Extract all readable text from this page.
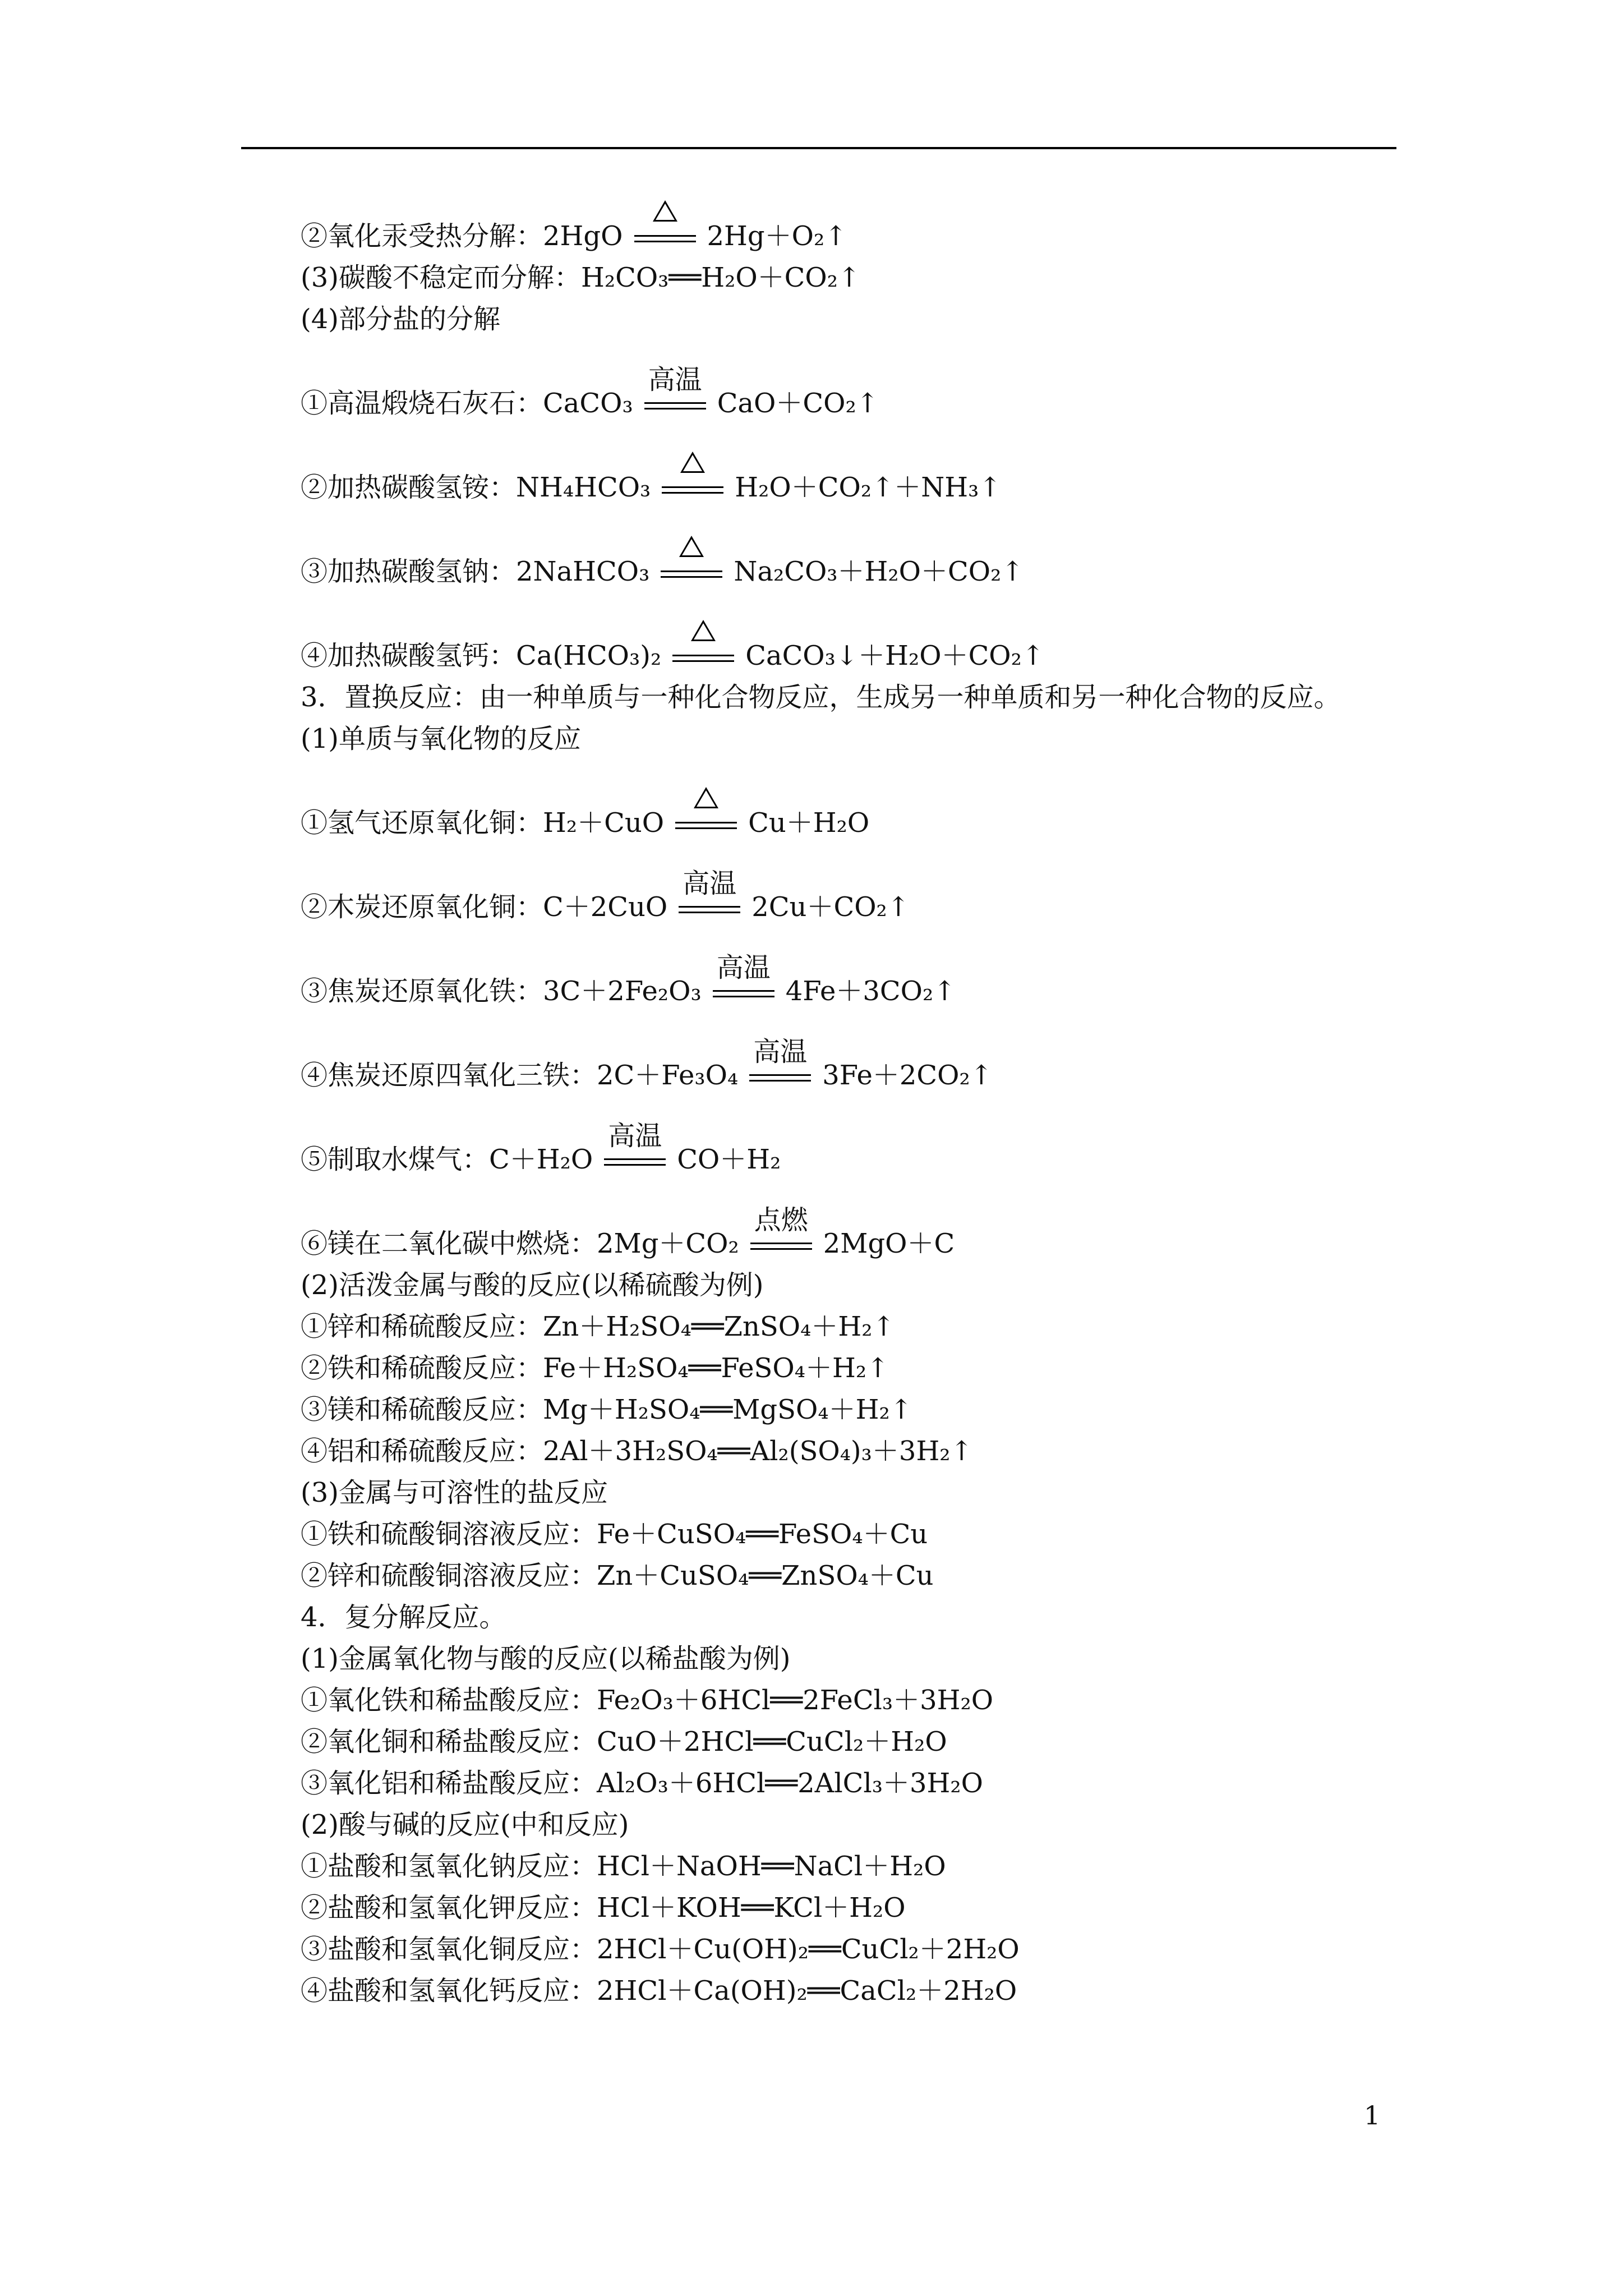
②氧化汞受热分解：2HgO ⇌ 2Hg＋O₂↑
(3)碳酸不稳定而分解：H₂CO₃══H₂O＋CO₂↑
(4)部分盐的分解
①高温煅烧石灰石：CaCO₃
高温
CaO＋CO₂↑
②加热碳酸氢铵：NH₄HCO₃ ⇌ H₂O＋CO₂↑＋NH₃↑
③加热碳酸氢钠：2NaHCO₃ ⇌ Na₂CO₃＋H₂O＋CO₂↑
④加热碳酸氢钙：Ca(HCO₃)₂ ⇌ CaCO₃↓＋H₂O＋CO₂↑
3．置换反应：由一种单质与一种化合物反应，生成另一种单质和另一种化合物的反应。
(1)单质与氧化物的反应
①氢气还原氧化铜：H₂＋CuO ⇌ Cu＋H₂O
②木炭还原氧化铜：C＋2CuO
高温
2Cu＋CO₂↑
③焦炭还原氧化铁：3C＋2Fe₂O₃
高温
4Fe＋3CO₂↑
④焦炭还原四氧化三铁：2C＋Fe₃O₄
高温
3Fe＋2CO₂↑
⑤制取水煤气：C＋H₂O
高温
CO＋H₂
⑥镁在二氧化碳中燃烧：2Mg＋CO₂
点燃
2MgO＋C
(2)活泼金属与酸的反应(以稀硫酸为例)
①锌和稀硫酸反应：Zn＋H₂SO₄══ZnSO₄＋H₂↑
②铁和稀硫酸反应：Fe＋H₂SO₄══FeSO₄＋H₂↑
③镁和稀硫酸反应：Mg＋H₂SO₄══MgSO₄＋H₂↑
④铝和稀硫酸反应：2Al＋3H₂SO₄══Al₂(SO₄)₃＋3H₂↑
(3)金属与可溶性的盐反应
①铁和硫酸铜溶液反应：Fe＋CuSO₄══FeSO₄＋Cu
②锌和硫酸铜溶液反应：Zn＋CuSO₄══ZnSO₄＋Cu
4．复分解反应。
(1)金属氧化物与酸的反应(以稀盐酸为例)
①氧化铁和稀盐酸反应：Fe₂O₃＋6HCl══2FeCl₃＋3H₂O
②氧化铜和稀盐酸反应：CuO＋2HCl══CuCl₂＋H₂O
③氧化铝和稀盐酸反应：Al₂O₃＋6HCl══2AlCl₃＋3H₂O
(2)酸与碱的反应(中和反应)
①盐酸和氢氧化钠反应：HCl＋NaOH══NaCl＋H₂O
②盐酸和氢氧化钾反应：HCl＋KOH══KCl＋H₂O
③盐酸和氢氧化铜反应：2HCl＋Cu(OH)₂══CuCl₂＋2H₂O
④盐酸和氢氧化钙反应：2HCl＋Ca(OH)₂══CaCl₂＋2H₂O
1
